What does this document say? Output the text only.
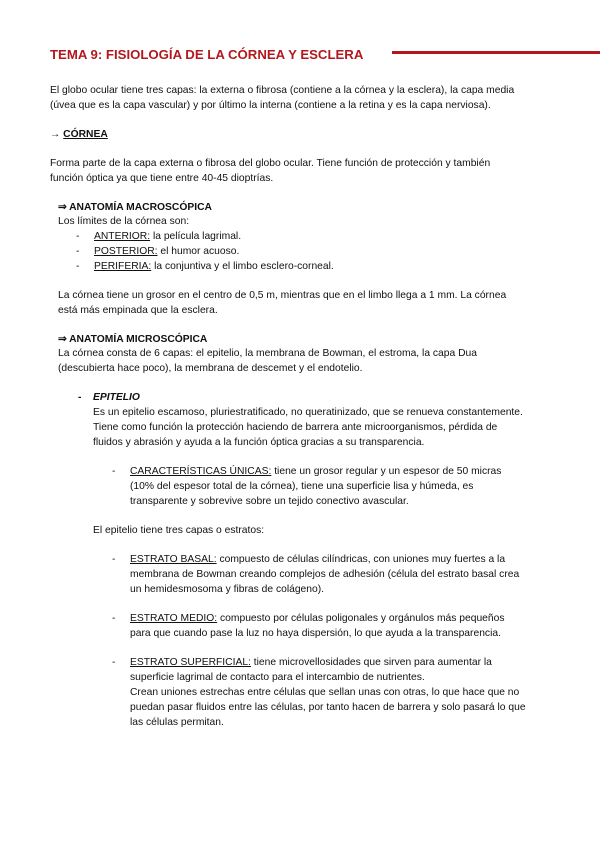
TEMA 9: FISIOLOGÍA DE LA CÓRNEA Y ESCLERA
El globo ocular tiene tres capas: la externa o fibrosa (contiene a la córnea y la esclera), la capa media
(úvea que es la capa vascular) y por último la interna (contiene a la retina y es la capa nerviosa).
→ CÓRNEA
Forma parte de la capa externa o fibrosa del globo ocular. Tiene función de protección y también
función óptica ya que tiene entre 40-45 dioptrías.
⇒ ANATOMÍA MACROSCÓPICA
Los límites de la córnea son:
- ANTERIOR: la película lagrimal.
- POSTERIOR: el humor acuoso.
- PERIFERIA: la conjuntiva y el limbo esclero-corneal.
La córnea tiene un grosor en el centro de 0,5 m, mientras que en el limbo llega a 1 mm. La córnea
está más empinada que la esclera.
⇒ ANATOMÍA MICROSCÓPICA
La córnea consta de 6 capas: el epitelio, la membrana de Bowman, el estroma, la capa Dua
(descubierta hace poco), la membrana de descemet y el endotelio.
- EPITELIO
Es un epitelio escamoso, pluriestratificado, no queratinizado, que se renueva constantemente.
Tiene como función la protección haciendo de barrera ante microorganismos, pérdida de
fluidos y abrasión y ayuda a la función óptica gracias a su transparencia.
- CARACTERÍSTICAS ÚNICAS: tiene un grosor regular y un espesor de 50 micras
(10% del espesor total de la córnea), tiene una superficie lisa y húmeda, es
transparente y sobrevive sobre un tejido conectivo avascular.
El epitelio tiene tres capas o estratos:
- ESTRATO BASAL: compuesto de células cilíndricas, con uniones muy fuertes a la
membrana de Bowman creando complejos de adhesión (célula del estrato basal crea
un hemidesmosoma y fibras de colágeno).
- ESTRATO MEDIO: compuesto por células poligonales y orgánulos más pequeños
para que cuando pase la luz no haya dispersión, lo que ayuda a la transparencia.
- ESTRATO SUPERFICIAL: tiene microvellosidades que sirven para aumentar la
superficie lagrimal de contacto para el intercambio de nutrientes.
Crean uniones estrechas entre células que sellan unas con otras, lo que hace que no
puedan pasar fluidos entre las células, por tanto hacen de barrera y solo pasará lo que
las células permitan.
